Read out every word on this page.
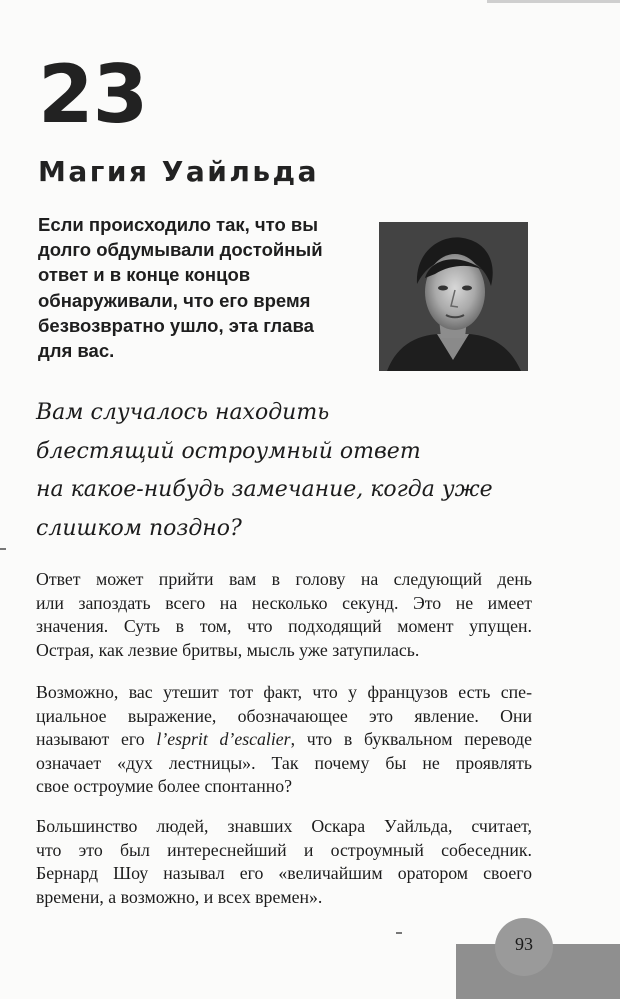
23
Магия Уайльда
Если происходило так, что вы
долго обдумывали достойный
ответ и в конце концов
обнаруживали, что его время
безвозвратно ушло, эта глава
для вас.
Вам случалось находить
блестящий остроумный ответ
на какое-нибудь замечание, когда уже
слишком поздно?
Ответ может прийти вам в голову на следующий день
или запоздать всего на несколько секунд. Это не имеет
значения. Суть в том, что подходящий момент упущен.
Острая, как лезвие бритвы, мысль уже затупилась.
Возможно, вас утешит тот факт, что у французов есть спе-
циальное выражение, обозначающее это явление. Они
называют его l’esprit d’escalier, что в буквальном переводе
означает «дух лестницы». Так почему бы не проявлять
свое остроумие более спонтанно?
Большинство людей, знавших Оскара Уайльда, считает,
что это был интереснейший и остроумный собеседник.
Бернард Шоу называл его «величайшим оратором своего
времени, а возможно, и всех времен».
93
